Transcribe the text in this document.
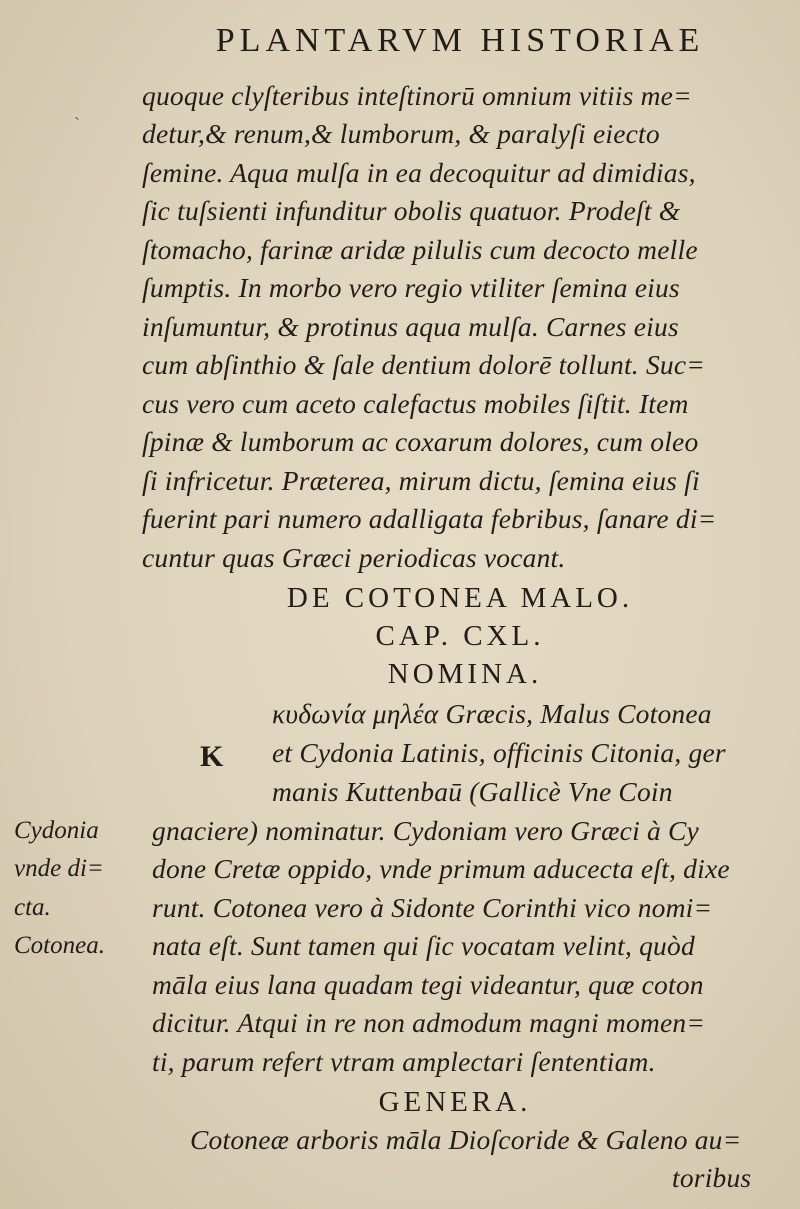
PLANTARVM HISTORIAE
ˎ quoque clyſteribus inteſtinorū omnium vitiis me=
detur,& renum,& lumborum, & paralyſi eiecto
ſemine. Aqua mulſa in ea decoquitur ad dimidias,
ſic tuſsienti infunditur obolis quatuor. Prodeſt &
ſtomacho, farinæ aridæ pilulis cum decocto melle
ſumptis. In morbo vero regio vtiliter ſemina eius
inſumuntur, & protinus aqua mulſa. Carnes eius
cum abſinthio & ſale dentium dolorē tollunt. Suc=
cus vero cum aceto calefactus mobiles ſiſtit. Item
ſpinæ & lumborum ac coxarum dolores, cum oleo
ſi infricetur. Præterea, mirum dictu, ſemina eius ſi
fuerint pari numero adalligata febribus, ſanare di=
cuntur quas Græci periodicas vocant.
DE COTONEA MALO.
CAP. CXL.
NOMINA.
K
κυδωνία μηλέα Græcis, Malus Cotonea
et Cydonia Latinis, officinis Citonia, ger
manis Kuttenbaū (Gallicè Vne Coin
gnaciere) nominatur. Cydoniam vero Græci à Cy
done Cretæ oppido, vnde primum aducecta eſt, dixe
runt. Cotonea vero à Sidonte Corinthi vico nomi=
nata eſt. Sunt tamen qui ſic vocatam velint, quòd
māla eius lana quadam tegi videantur, quæ coton
dicitur. Atqui in re non admodum magni momen=
ti, parum refert vtram amplectari ſententiam.
Cydonia
vnde di=
cta.
Cotonea.
GENERA.
Cotoneæ arboris māla Dioſcoride & Galeno au=
toribus
